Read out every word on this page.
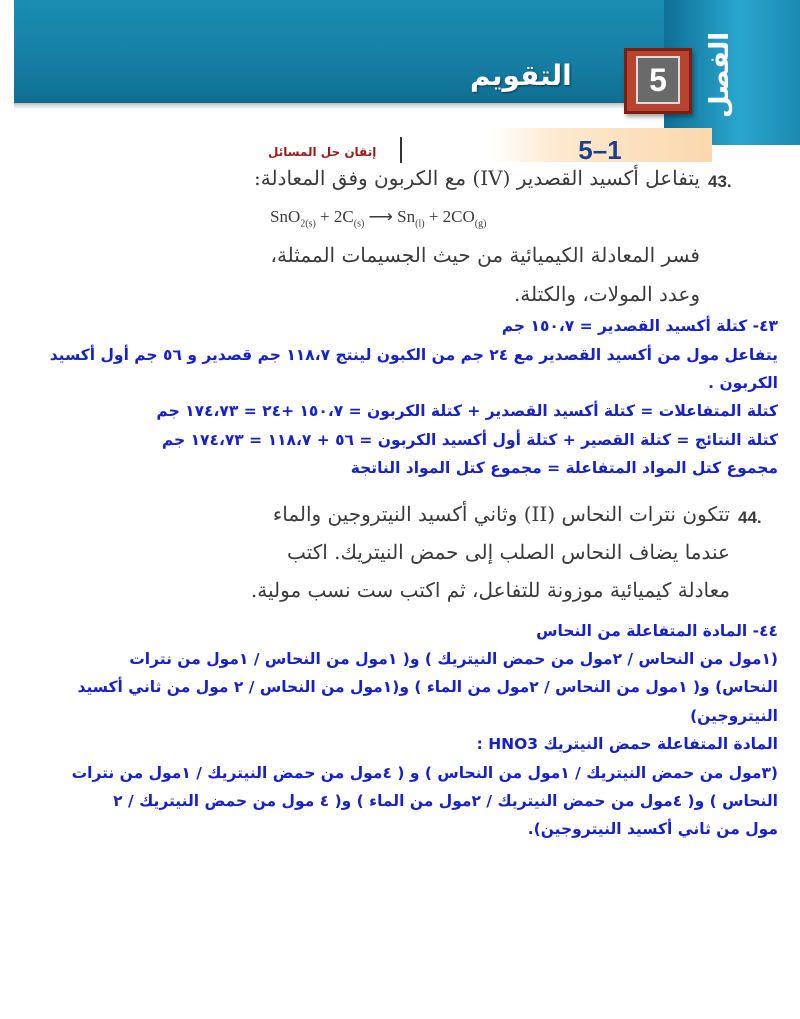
الفصل
5
التقويم
5–1
إتقان حل المسائل
43.
يتفاعل أكسيد القصدير (IV) مع الكربون وفق المعادلة:
$SnO_{2(s)} + 2C_{(s)}$ ⟶ $Sn_{(l)} + 2CO_{(g)}$
فسر المعادلة الكيميائية من حيث الجسيمات الممثلة،
وعدد المولات، والكتلة.
٤٣- كتلة أكسيد القصدير = ١٥٠،٧ جم
يتفاعل مول من أكسيد القصدير مع ٢٤ جم من الكبون لينتج ١١٨،٧ جم قصدير و ٥٦ جم أول أكسيد
الكربون .
كتلة المتفاعلات = كتلة أكسيد القصدير + كتلة الكربون = ١٥٠،٧ +٢٤ = ١٧٤،٧٣ جم
كتلة النتائج = كتلة القصير + كتلة أول أكسيد الكربون = ٥٦ + ١١٨،٧ = ١٧٤،٧٣ جم
مجموع كتل المواد المتفاعلة = مجموع كتل المواد الناتجة
44.
تتكون نترات النحاس (II) وثاني أكسيد النيتروجين والماء
عندما يضاف النحاس الصلب إلى حمض النيتريك. اكتب
معادلة كيميائية موزونة للتفاعل، ثم اكتب ست نسب مولية.
٤٤- المادة المتفاعلة من النحاس
(١مول من النحاس / ٢مول من حمض النيتريك ) و( ١مول من النحاس / ١مول من نترات
النحاس) و( ١مول من النحاس / ٢مول من الماء ) و(١مول من النحاس / ٢ مول من ثاني أكسيد
النيتروجين)
المادة المتفاعلة حمض النيتريك HNO3 :
(٣مول من حمض النيتريك / ١مول من النحاس ) و ( ٤مول من حمض النيتريك / ١مول من نترات
النحاس ) و( ٤مول من حمض النيتريك / ٢مول من الماء ) و( ٤ مول من حمض النيتريك / ٢
مول من ثاني أكسيد النيتروجين).
